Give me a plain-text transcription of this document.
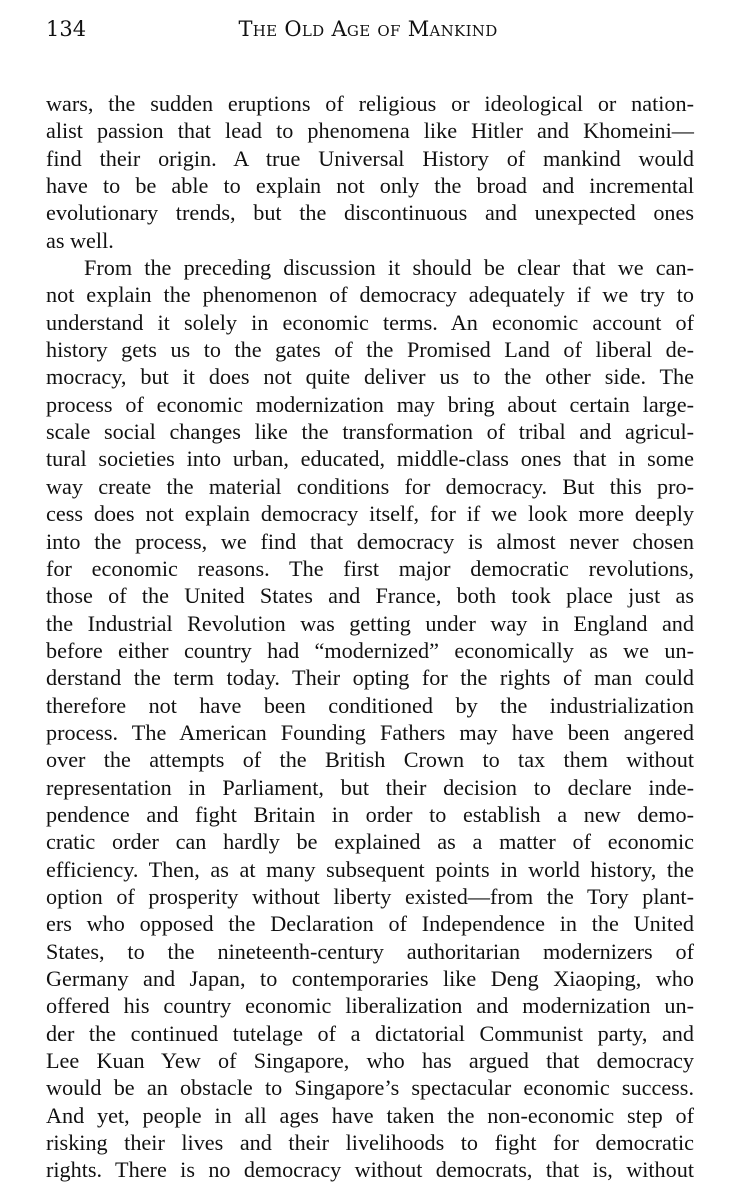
134	The Old Age of Mankind
wars, the sudden eruptions of religious or ideological or nation-
alist passion that lead to phenomena like Hitler and Khomeini—
find their origin. A true Universal History of mankind would
have to be able to explain not only the broad and incremental
evolutionary trends, but the discontinuous and unexpected ones
as well.
From the preceding discussion it should be clear that we can-
not explain the phenomenon of democracy adequately if we try to
understand it solely in economic terms. An economic account of
history gets us to the gates of the Promised Land of liberal de-
mocracy, but it does not quite deliver us to the other side. The
process of economic modernization may bring about certain large-
scale social changes like the transformation of tribal and agricul-
tural societies into urban, educated, middle-class ones that in some
way create the material conditions for democracy. But this pro-
cess does not explain democracy itself, for if we look more deeply
into the process, we find that democracy is almost never chosen
for economic reasons. The first major democratic revolutions,
those of the United States and France, both took place just as
the Industrial Revolution was getting under way in England and
before either country had “modernized” economically as we un-
derstand the term today. Their opting for the rights of man could
therefore not have been conditioned by the industrialization
process. The American Founding Fathers may have been angered
over the attempts of the British Crown to tax them without
representation in Parliament, but their decision to declare inde-
pendence and fight Britain in order to establish a new demo-
cratic order can hardly be explained as a matter of economic
efficiency. Then, as at many subsequent points in world history, the
option of prosperity without liberty existed—from the Tory plant-
ers who opposed the Declaration of Independence in the United
States, to the nineteenth-century authoritarian modernizers of
Germany and Japan, to contemporaries like Deng Xiaoping, who
offered his country economic liberalization and modernization un-
der the continued tutelage of a dictatorial Communist party, and
Lee Kuan Yew of Singapore, who has argued that democracy
would be an obstacle to Singapore’s spectacular economic success.
And yet, people in all ages have taken the non-economic step of
risking their lives and their livelihoods to fight for democratic
rights. There is no democracy without democrats, that is, without
